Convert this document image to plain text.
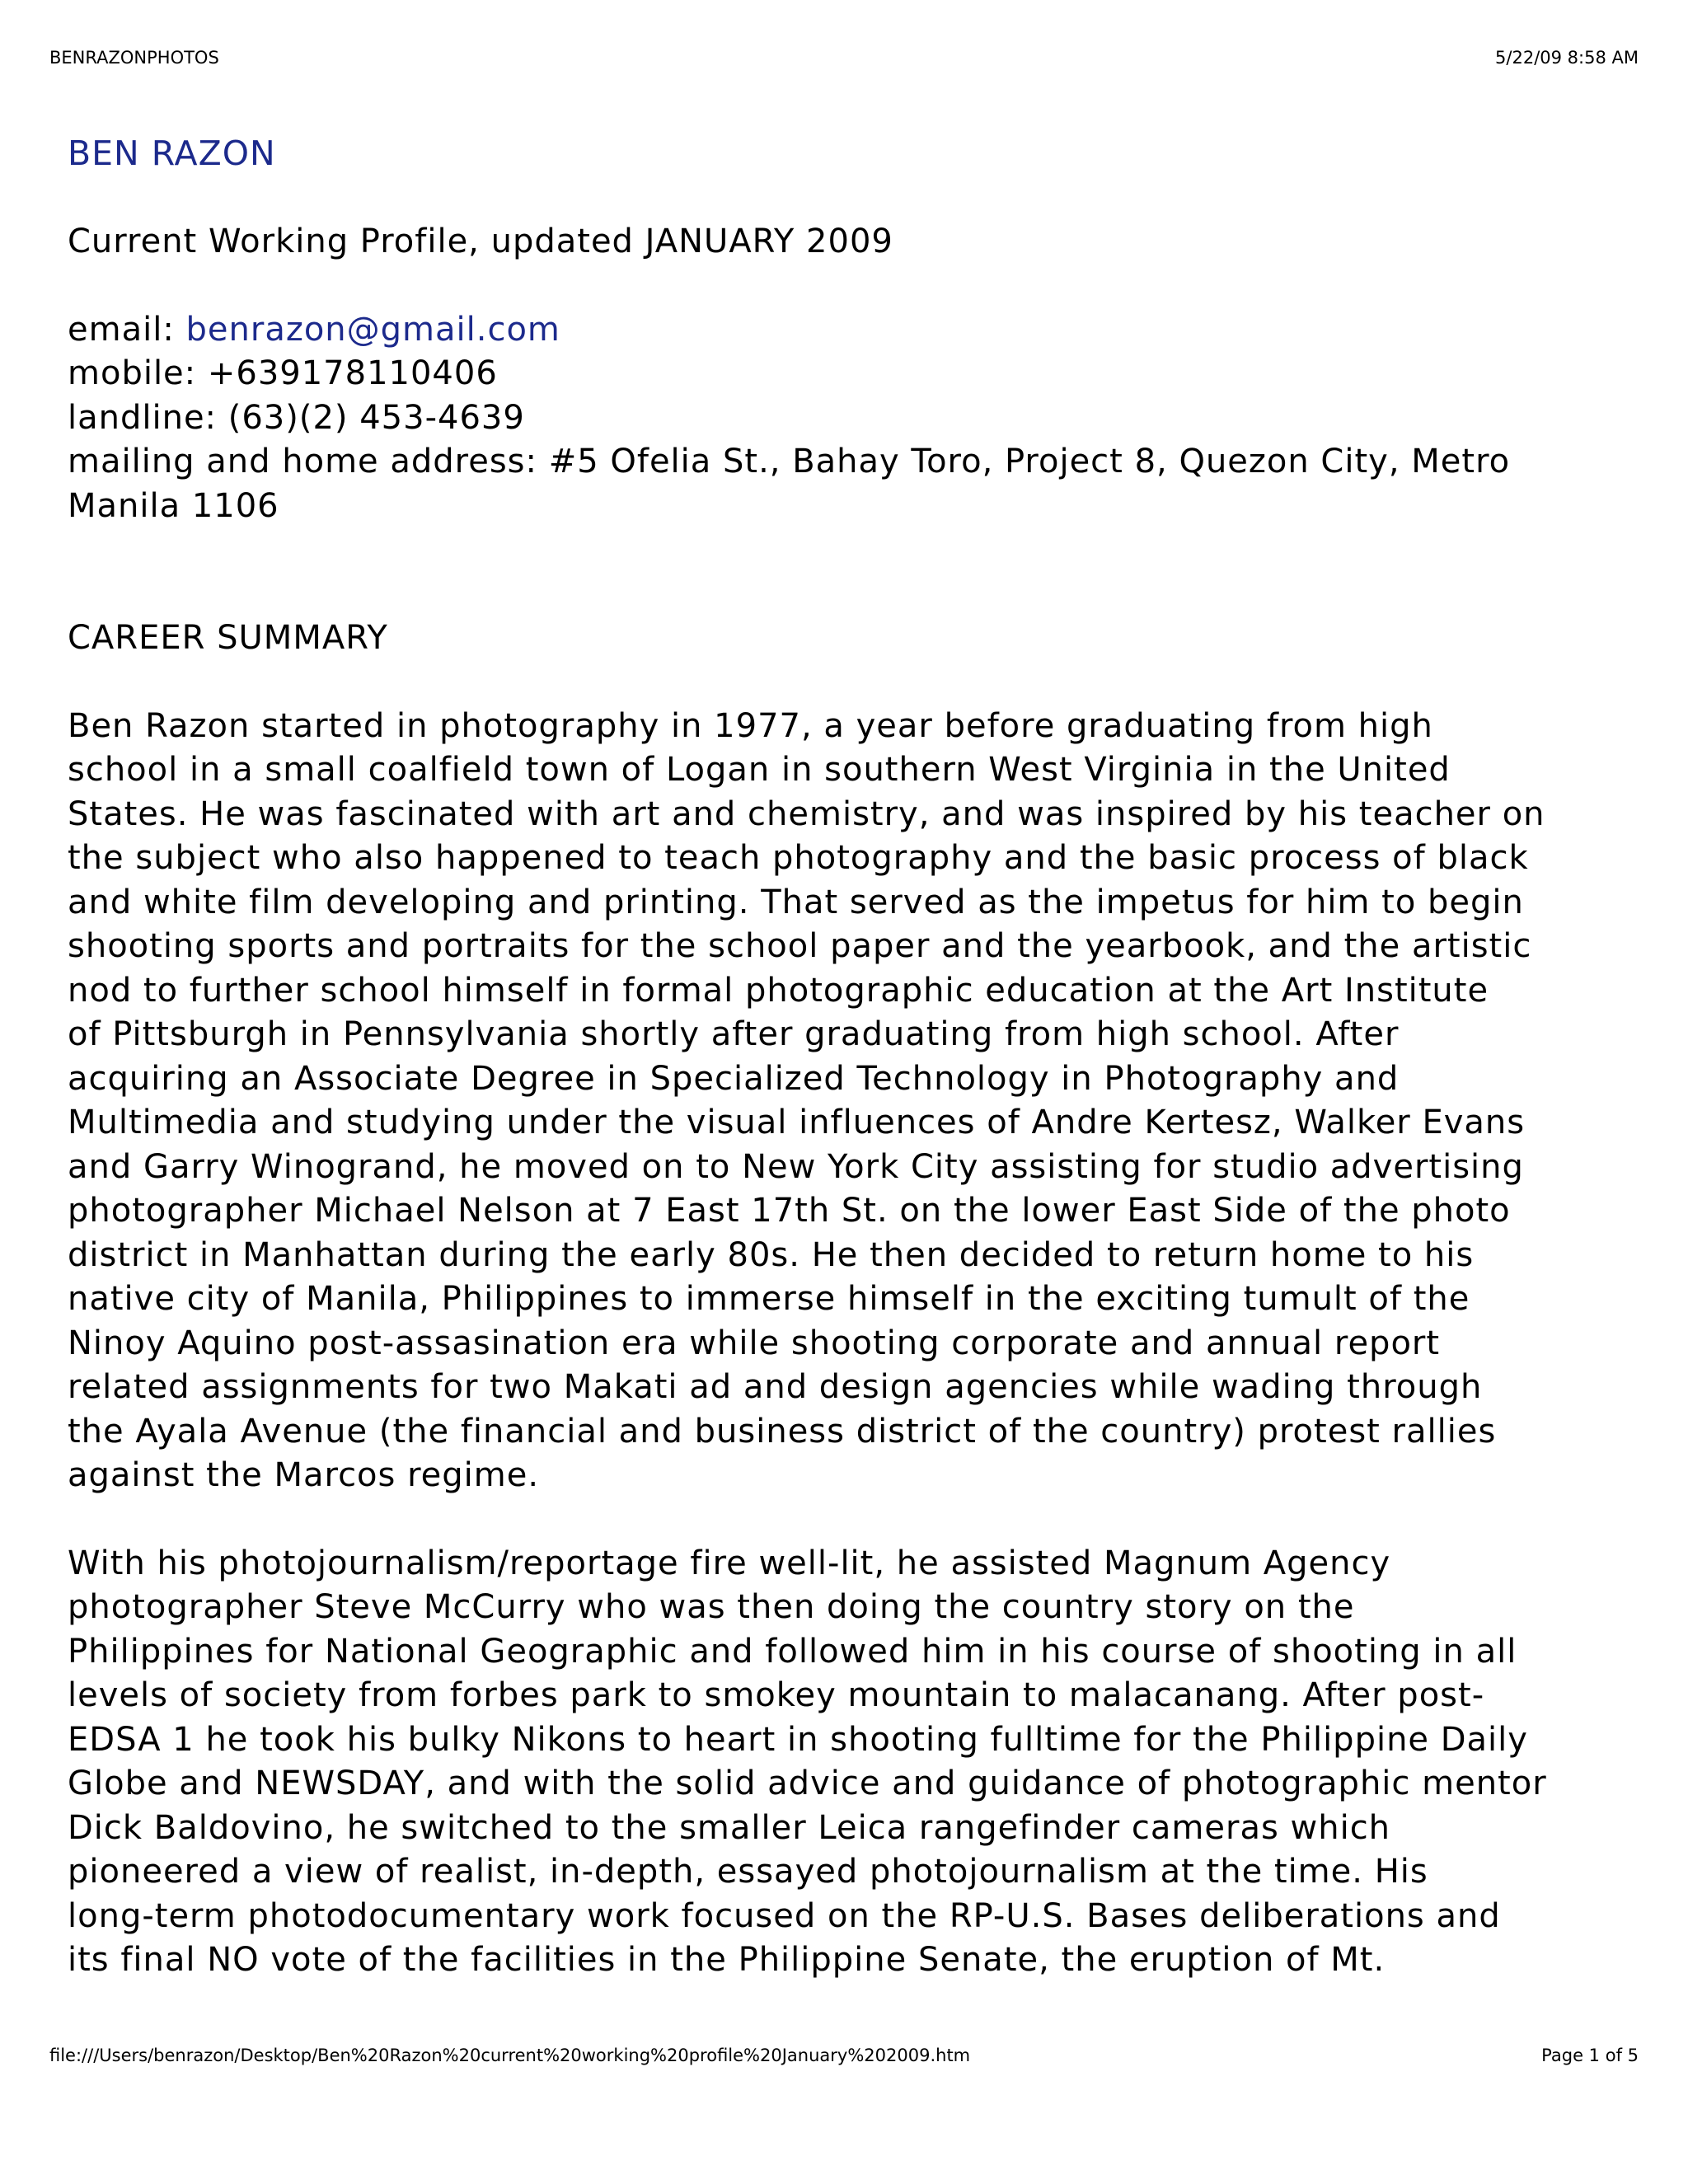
BENRAZONPHOTOS	5/22/09 8:58 AM
BEN RAZON
Current Working Profile, updated JANUARY 2009
email: benrazon@gmail.com
mobile: +639178110406
landline: (63)(2) 453-4639
mailing and home address: #5 Ofelia St., Bahay Toro, Project 8, Quezon City, Metro
Manila 1106
CAREER SUMMARY
Ben Razon started in photography in 1977, a year before graduating from high
school in a small coalfield town of Logan in southern West Virginia in the United
States. He was fascinated with art and chemistry, and was inspired by his teacher on
the subject who also happened to teach photography and the basic process of black
and white film developing and printing. That served as the impetus for him to begin
shooting sports and portraits for the school paper and the yearbook, and the artistic
nod to further school himself in formal photographic education at the Art Institute
of Pittsburgh in Pennsylvania shortly after graduating from high school. After
acquiring an Associate Degree in Specialized Technology in Photography and
Multimedia and studying under the visual influences of Andre Kertesz, Walker Evans
and Garry Winogrand, he moved on to New York City assisting for studio advertising
photographer Michael Nelson at 7 East 17th St. on the lower East Side of the photo
district in Manhattan during the early 80s. He then decided to return home to his
native city of Manila, Philippines to immerse himself in the exciting tumult of the
Ninoy Aquino post-assasination era while shooting corporate and annual report
related assignments for two Makati ad and design agencies while wading through
the Ayala Avenue (the financial and business district of the country) protest rallies
against the Marcos regime.
With his photojournalism/reportage fire well-lit, he assisted Magnum Agency
photographer Steve McCurry who was then doing the country story on the
Philippines for National Geographic and followed him in his course of shooting in all
levels of society from forbes park to smokey mountain to malacanang. After post-
EDSA 1 he took his bulky Nikons to heart in shooting fulltime for the Philippine Daily
Globe and NEWSDAY, and with the solid advice and guidance of photographic mentor
Dick Baldovino, he switched to the smaller Leica rangefinder cameras which
pioneered a view of realist, in-depth, essayed photojournalism at the time. His
long-term photodocumentary work focused on the RP-U.S. Bases deliberations and
its final NO vote of the facilities in the Philippine Senate, the eruption of Mt.
file:///Users/benrazon/Desktop/Ben%20Razon%20current%20working%20profile%20January%202009.htm	Page 1 of 5
